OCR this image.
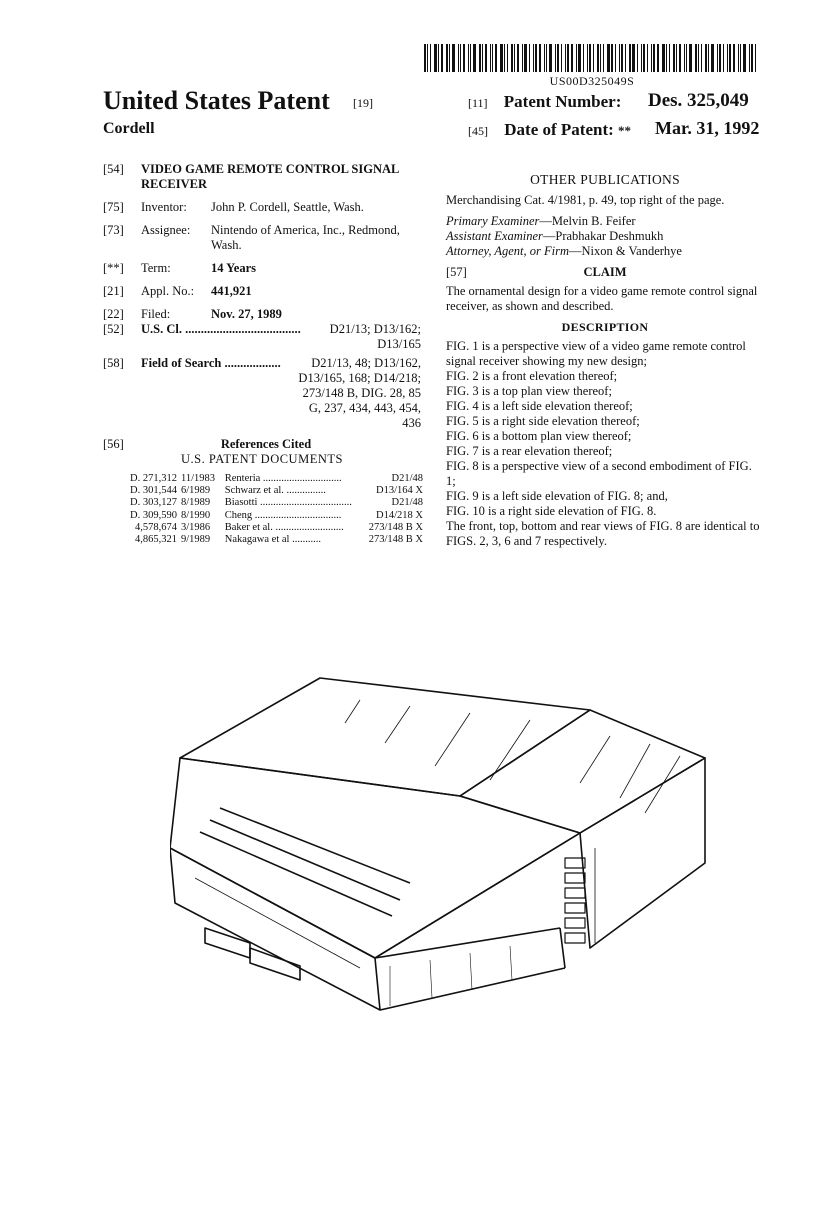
US00D325049S
United States Patent [19]
Cordell
[11] Patent Number: Des. 325,049
[45] Date of Patent: ** Mar. 31, 1992
[54]	VIDEO GAME REMOTE CONTROL SIGNAL RECEIVER
[75]	Inventor:	John P. Cordell, Seattle, Wash.
[73]	Assignee:	Nintendo of America, Inc., Redmond, Wash.
[**]	Term:	14 Years
[21]	Appl. No.:	441,921
[22]	Filed:	Nov. 27, 1989
[52]	U.S. Cl. .....................................	D21/13; D13/162; D13/165
[58]	Field of Search ..................	D21/13, 48; D13/162, D13/165, 168; D14/218; 273/148 B, DIG. 28, 85 G, 237, 434, 443, 454, 436
[56]	References Cited
U.S. PATENT DOCUMENTS
D. 271,312	11/1983	Renteria ..............................	D21/48
D. 301,544	6/1989	Schwarz et al. ...............	D13/164 X
D. 303,127	8/1989	Biasotti ...................................	D21/48
D. 309,590	8/1990	Cheng .................................	D14/218 X
4,578,674	3/1986	Baker et al. ..........................	273/148 B X
4,865,321	9/1989	Nakagawa et al ...........	273/148 B X

OTHER PUBLICATIONS

Merchandising Cat. 4/1981, p. 49, top right of the page.

Primary Examiner—Melvin B. Feifer

Assistant Examiner—Prabhakar Deshmukh

Attorney, Agent, or Firm—Nixon & Vanderhye

[57]	CLAIM

The ornamental design for a video game remote control signal receiver, as shown and described.

DESCRIPTION

FIG. 1 is a perspective view of a video game remote control signal receiver showing my new design;

FIG. 2 is a front elevation thereof;

FIG. 3 is a top plan view thereof;

FIG. 4 is a left side elevation thereof;

FIG. 5 is a right side elevation thereof;

FIG. 6 is a bottom plan view thereof;

FIG. 7 is a rear elevation thereof;

FIG. 8 is a perspective view of a second embodiment of FIG. 1;

FIG. 9 is a left side elevation of FIG. 8; and,

FIG. 10 is a right side elevation of FIG. 8.

The front, top, bottom and rear views of FIG. 8 are identical to FIGS. 2, 3, 6 and 7 respectively.
